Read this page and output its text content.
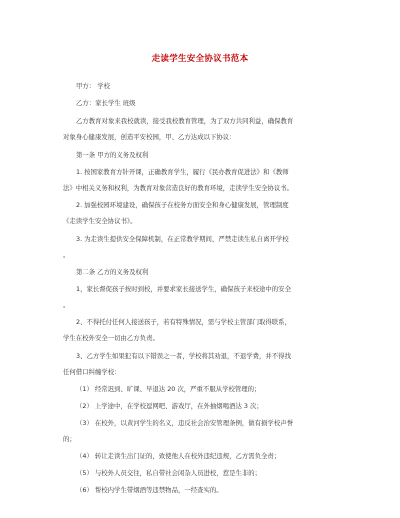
走读学生安全协议书范本
甲方： 学校
乙方：家长学生 班级
乙方教育对象来我校就读，接受我校教育管理，为了双方共同利益，确保教育
对象身心健康发展，创造平安校园，甲、乙方达成以下协议：
第一条 甲方的义务及权利
1. 按国家教育方针开课，正确教育学生，履行《民办教育促进法》和《教师
法》中相关义务和权利，为教育对象营造良好的教育环境，走读学生安全协议书。
2. 加强校园环境建设，确保孩子在校务方面安全和身心健康发展，管理制度
《走读学生安全协议书》。
3. 为走读生提供安全保障机制，在正常教学期间，严禁走读生私自离开学校
。
第二条 乙方的义务及权利
1，家长督促孩子按时到校，并要求家长接送学生，确保孩子来校途中的安全
。
2、不得托付任何人接送孩子，若有特殊情况，需与学校主管部门取得联系，
学生在校外安全一切由乙方负责。
3、乙方学生如果犯有以下错误之一者，学校将其劝退，不退学费，并不得找
任何借口纠缠学校：
（1） 经常迟到、旷课、早退达 20 次，严重不服从学校管理的；
（2） 上学途中，在学校逗网吧、游戏厅，在外抽烟喝酒达 3 次；
（3） 在校外，以黄河学生的名义，违反社会治安管理条例，做有损学校声誉
的；
（4） 转让走读生出门证的，致使他人在校外违纪违规，乙方需负全责；
（5） 与校外人员交往，私自带社会闲杂人员进校，惹是生非的；
（6） 帮校内学生带烟酒等违禁物品，一经查实的。
